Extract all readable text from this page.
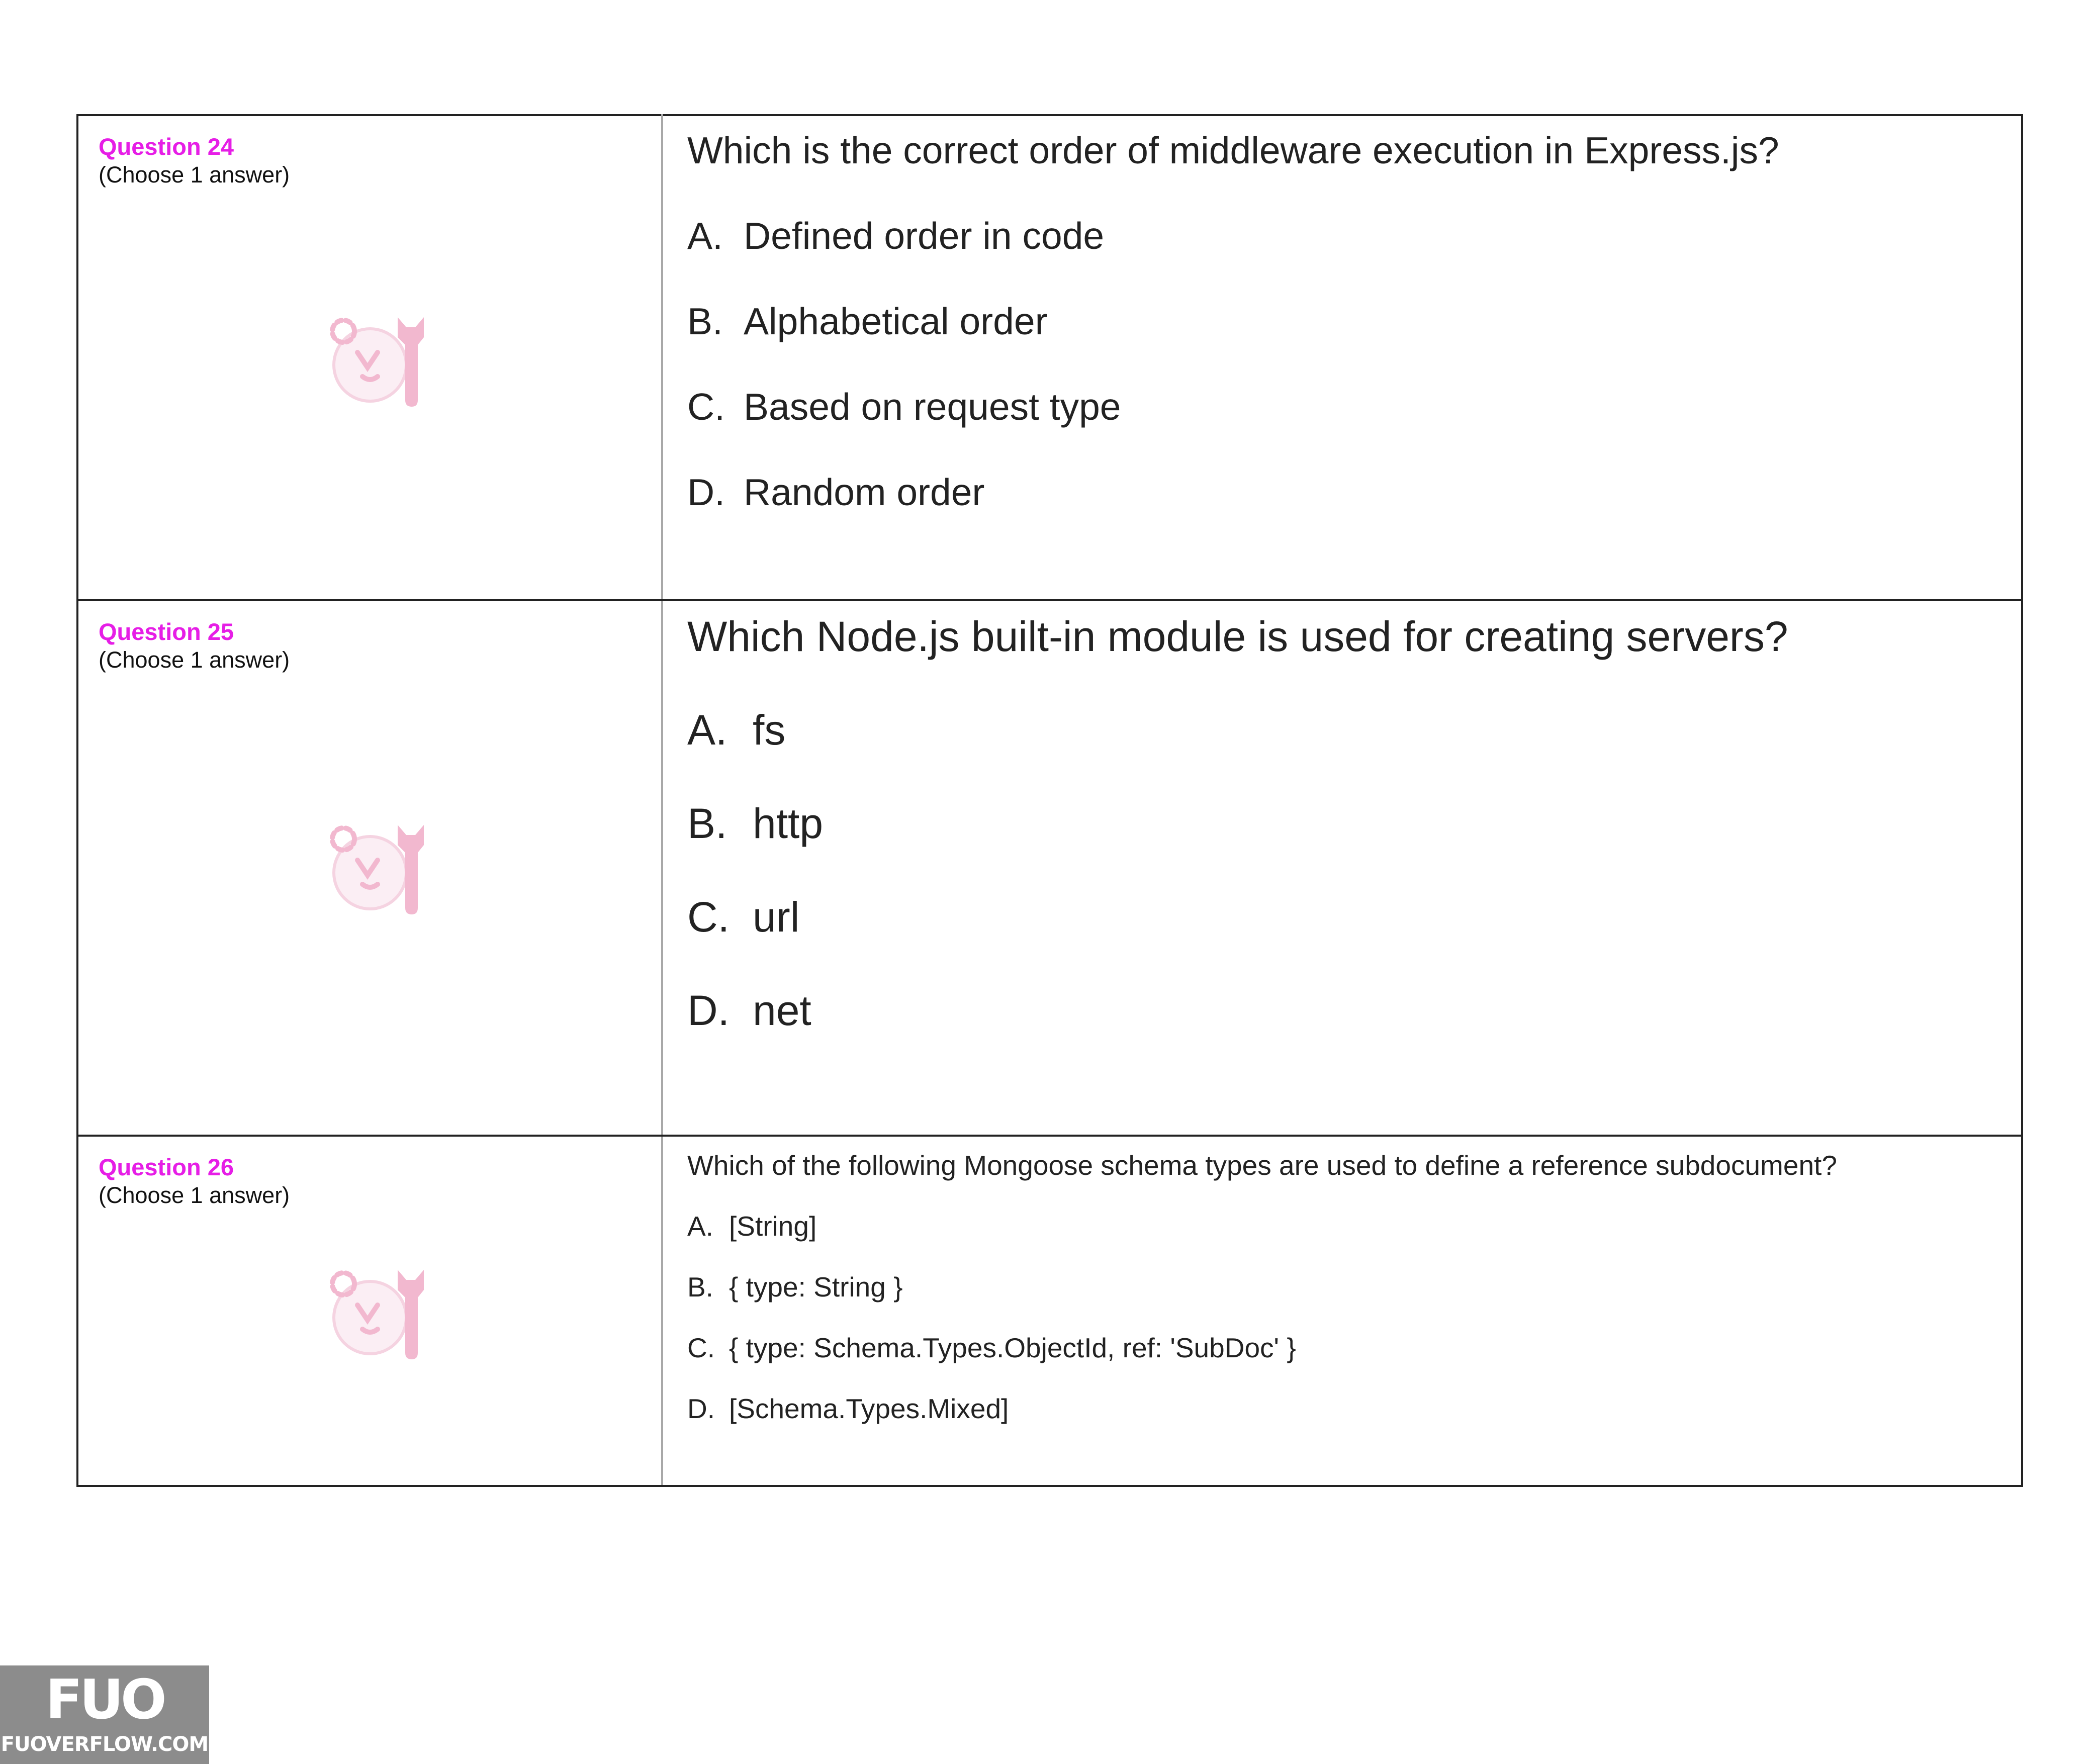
Question 24
(Choose 1 answer)	Which is the correct order of middleware execution in Express.js?

A. Defined order in code
B. Alphabetical order
C. Based on request type
D. Random order

Question 25
(Choose 1 answer)	Which Node.js built-in module is used for creating servers?

A. fs
B. http
C. url
D. net

Question 26
(Choose 1 answer)	Which of the following Mongoose schema types are used to define a reference subdocument?

A. [String]
B. { type: String }
C. { type: Schema.Types.ObjectId, ref: 'SubDoc' }
D. [Schema.Types.Mixed]
FUO
FUOVERFLOW.COM
